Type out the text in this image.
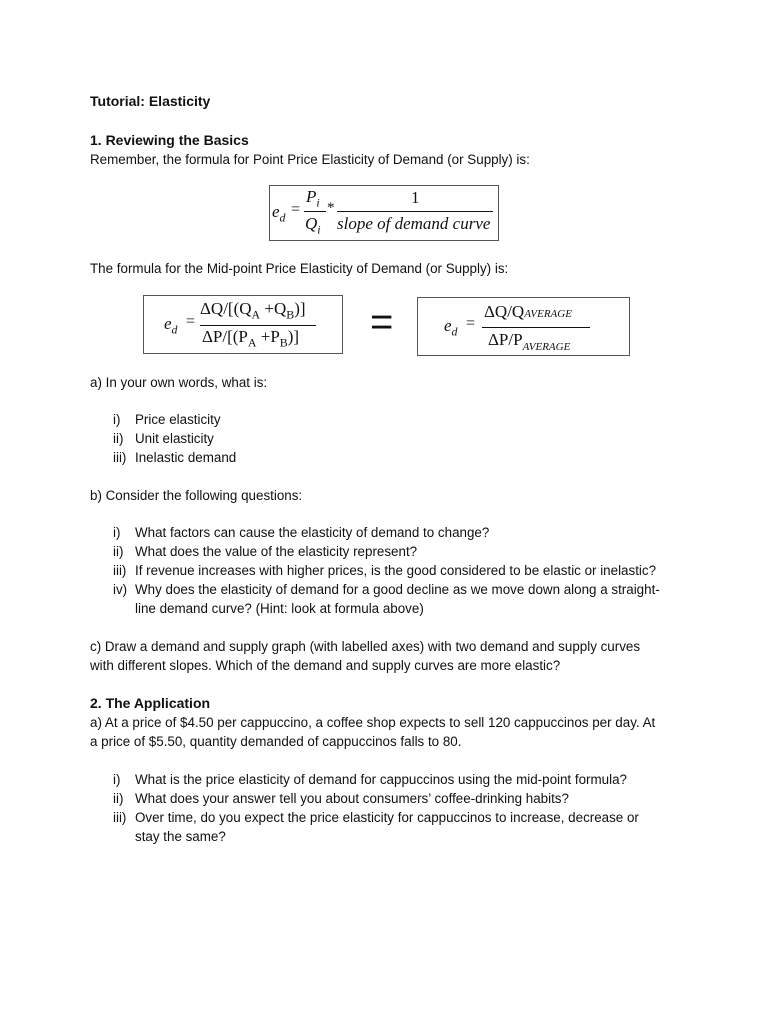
Tutorial: Elasticity
1. Reviewing the Basics
Remember, the formula for Point Price Elasticity of Demand (or Supply) is:
$e_d$ =
$P_i$
$Q_i$
*
1
slope of demand curve
The formula for the Mid-point Price Elasticity of Demand (or Supply) is:
$e_d$ =
$\Delta Q/[(Q_A +Q_B)]$
$\Delta P/[(P_A +P_B)]$ =	$e_d$ =
ΔQ/QAVERAGE
$\Delta P/P_{AVERAGE}$
a) In your own words, what is:
i) Price elasticity
ii) Unit elasticity
iii) Inelastic demand
b) Consider the following questions:
i) What factors can cause the elasticity of demand to change?
ii) What does the value of the elasticity represent?
iii) If revenue increases with higher prices, is the good considered to be elastic or inelastic?
iv) Why does the elasticity of demand for a good decline as we move down along a straight-
line demand curve? (Hint: look at formula above)
c) Draw a demand and supply graph (with labelled axes) with two demand and supply curves
with different slopes. Which of the demand and supply curves are more elastic?
2. The Application
a) At a price of $4.50 per cappuccino, a coffee shop expects to sell 120 cappuccinos per day. At
a price of $5.50, quantity demanded of cappuccinos falls to 80.
i) What is the price elasticity of demand for cappuccinos using the mid-point formula?
ii) What does your answer tell you about consumers’ coffee-drinking habits?
iii) Over time, do you expect the price elasticity for cappuccinos to increase, decrease or
stay the same?
